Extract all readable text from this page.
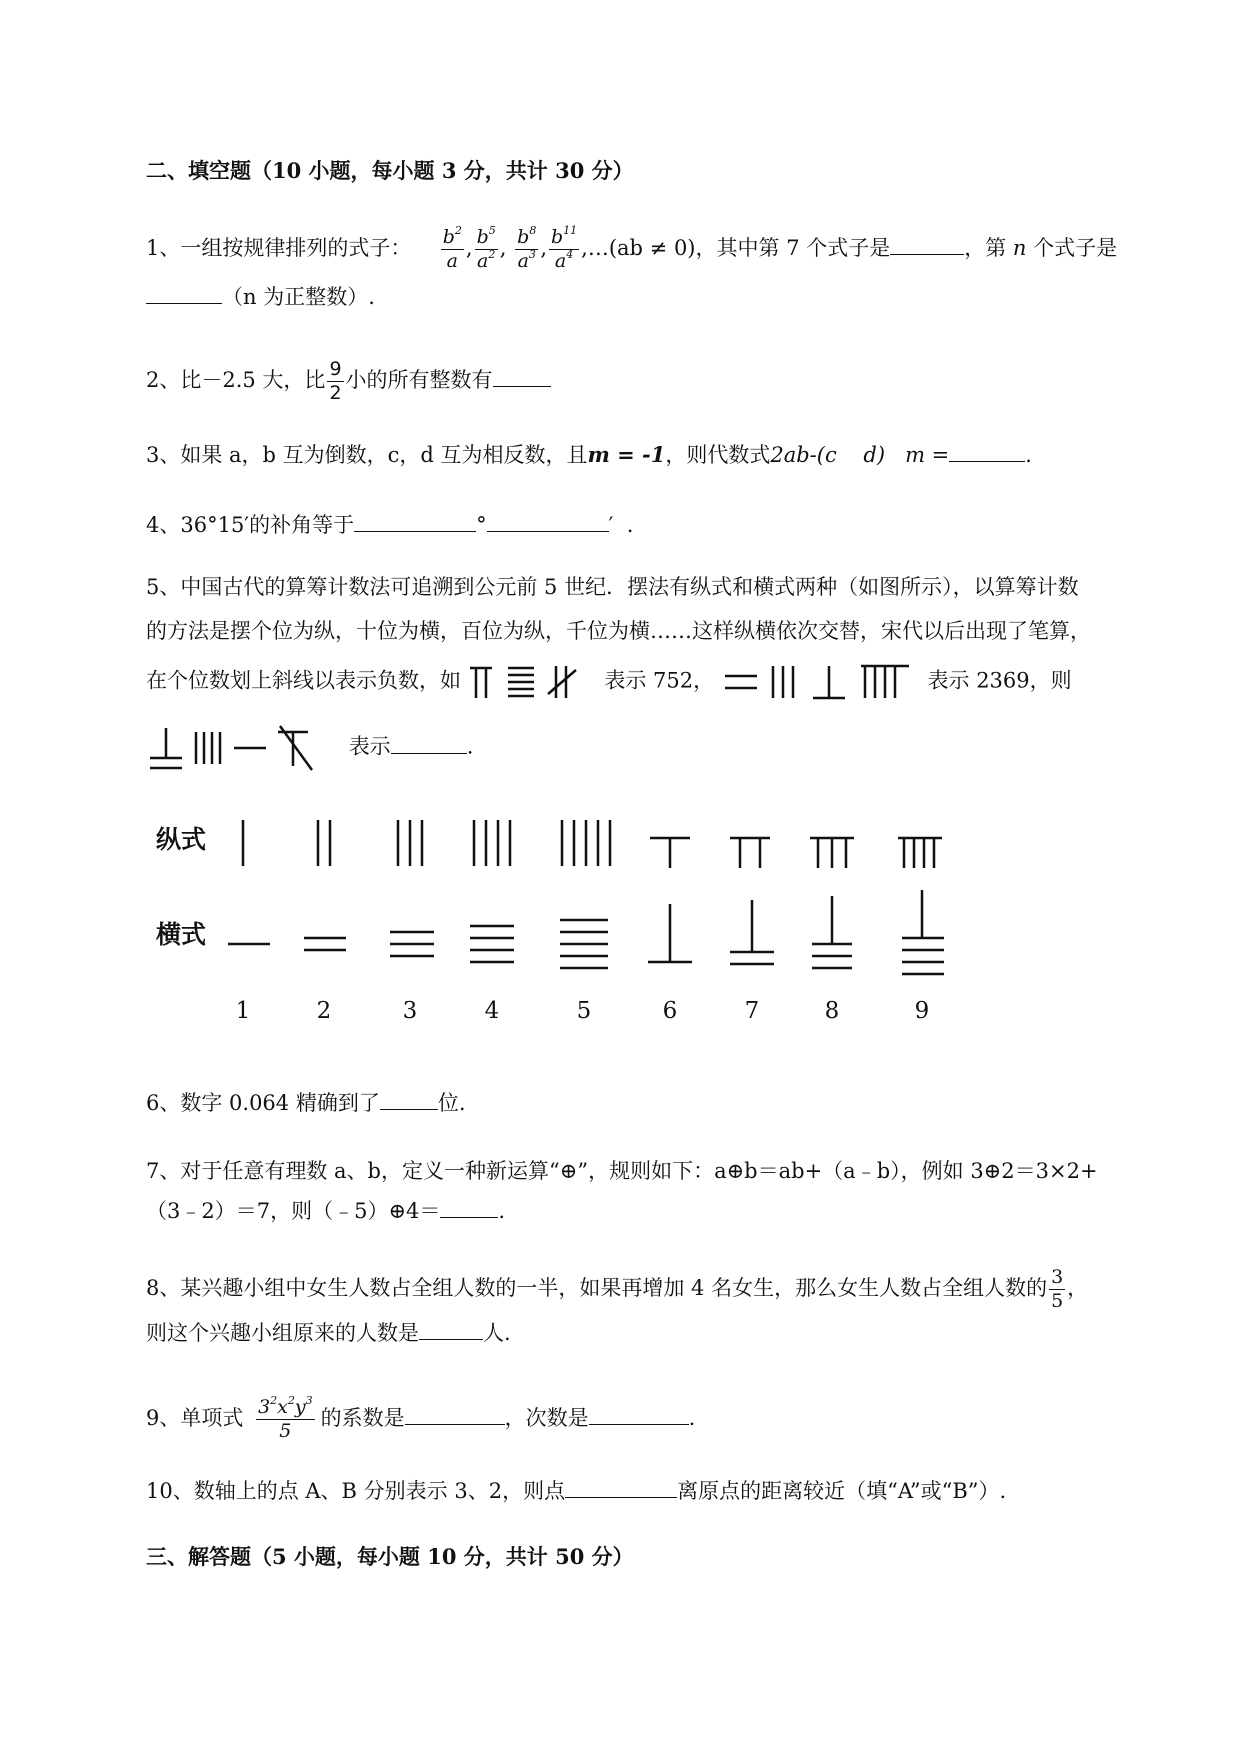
二、填空题（10 小题，每小题 3 分，共计 30 分）
1、一组按规律排列的式子： $\frac{b^2}{a}$ , $\frac{b^5}{a^2}$ , $\frac{b^8}{a^3}$ , $\frac{b^{11}}{a^4}$ ,…(ab ≠ 0)，其中第 7 个式子是	，第 n 个式子是
（n 为正整数）.
2、比－2.5 大，比 $\frac{9}{2}$ 小的所有整数有
3、如果 a，b 互为倒数，c，d 互为相反数，且m = -1，则代数式2ab-(c    d)   m =	.
4、36°15′的补角等于	°	′ .
5、中国古代的算筹计数法可追溯到公元前 5 世纪．摆法有纵式和横式两种（如图所示），以算筹计数
的方法是摆个位为纵，十位为横，百位为纵，千位为横……这样纵横依次交替，宋代以后出现了笔算，
在个位数划上斜线以表示负数，如	表示 752，	表示 2369，则
表示	.
纵式
横式
1	2	3	4	5	6	7	8	9
6、数字 0.064 精确到了	位.
7、对于任意有理数 a、b，定义一种新运算“⊕”，规则如下：a⊕b＝ab+（a﹣b），例如 3⊕2＝3×2+
（3﹣2）＝7，则（﹣5）⊕4＝	.
8、某兴趣小组中女生人数占全组人数的一半，如果再增加 4 名女生，那么女生人数占全组人数的 $\frac{3}{5}$ ，
则这个兴趣小组原来的人数是	人.
9、单项式 $\frac{3^2x^2y^3}{5}$ 的系数是	，次数是	.
10、数轴上的点 A、B 分别表示 3、2，则点	离原点的距离较近（填“A”或“B”）.
三、解答题（5 小题，每小题 10 分，共计 50 分）
